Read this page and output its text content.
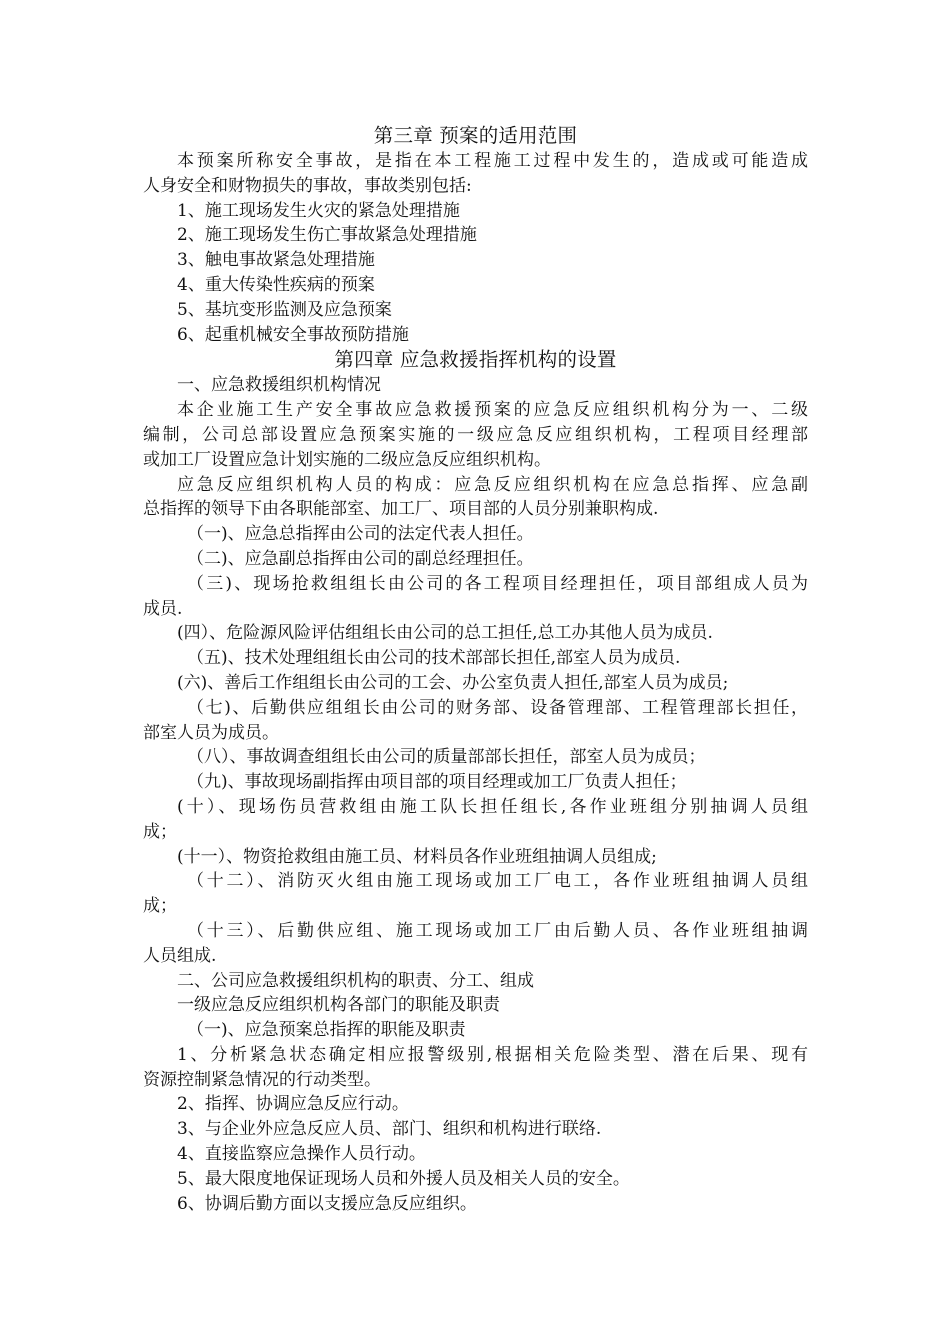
第三章 预案的适用范围

本预案所称安全事故，是指在本工程施工过程中发生的，造成或可能造成

人身安全和财物损失的事故，事故类别包括:

1、施工现场发生火灾的紧急处理措施

2、施工现场发生伤亡事故紧急处理措施

3、触电事故紧急处理措施

4、重大传染性疾病的预案

5、基坑变形监测及应急预案

6、起重机械安全事故预防措施

第四章 应急救援指挥机构的设置

一、应急救援组织机构情况

本企业施工生产安全事故应急救援预案的应急反应组织机构分为一、二级

编制，公司总部设置应急预案实施的一级应急反应组织机构，工程项目经理部

或加工厂设置应急计划实施的二级应急反应组织机构。

应急反应组织机构人员的构成：应急反应组织机构在应急总指挥、应急副

总指挥的领导下由各职能部室、加工厂、项目部的人员分别兼职构成.

（一)、应急总指挥由公司的法定代表人担任。

（二)、应急副总指挥由公司的副总经理担任。

（三)、现场抢救组组长由公司的各工程项目经理担任，项目部组成人员为

成员.

(四）、危险源风险评估组组长由公司的总工担任,总工办其他人员为成员.

（五)、技术处理组组长由公司的技术部部长担任,部室人员为成员.

(六)、善后工作组组长由公司的工会、办公室负责人担任,部室人员为成员;

（七)、后勤供应组组长由公司的财务部、设备管理部、工程管理部长担任，

部室人员为成员。

（八）、事故调查组组长由公司的质量部部长担任，部室人员为成员；

（九)、事故现场副指挥由项目部的项目经理或加工厂负责人担任；

(十）、现场伤员营救组由施工队长担任组长,各作业班组分别抽调人员组

成；

(十一）、物资抢救组由施工员、材料员各作业班组抽调人员组成;

（十二）、消防灭火组由施工现场或加工厂电工，各作业班组抽调人员组

成；

（十三）、后勤供应组、施工现场或加工厂由后勤人员、各作业班组抽调

人员组成.

二、公司应急救援组织机构的职责、分工、组成

一级应急反应组织机构各部门的职能及职责

（一)、应急预案总指挥的职能及职责

1、分析紧急状态确定相应报警级别,根据相关危险类型、潜在后果、现有

资源控制紧急情况的行动类型。

2、指挥、协调应急反应行动。

3、与企业外应急反应人员、部门、组织和机构进行联络.

4、直接监察应急操作人员行动。

5、最大限度地保证现场人员和外援人员及相关人员的安全。

6、协调后勤方面以支援应急反应组织。
